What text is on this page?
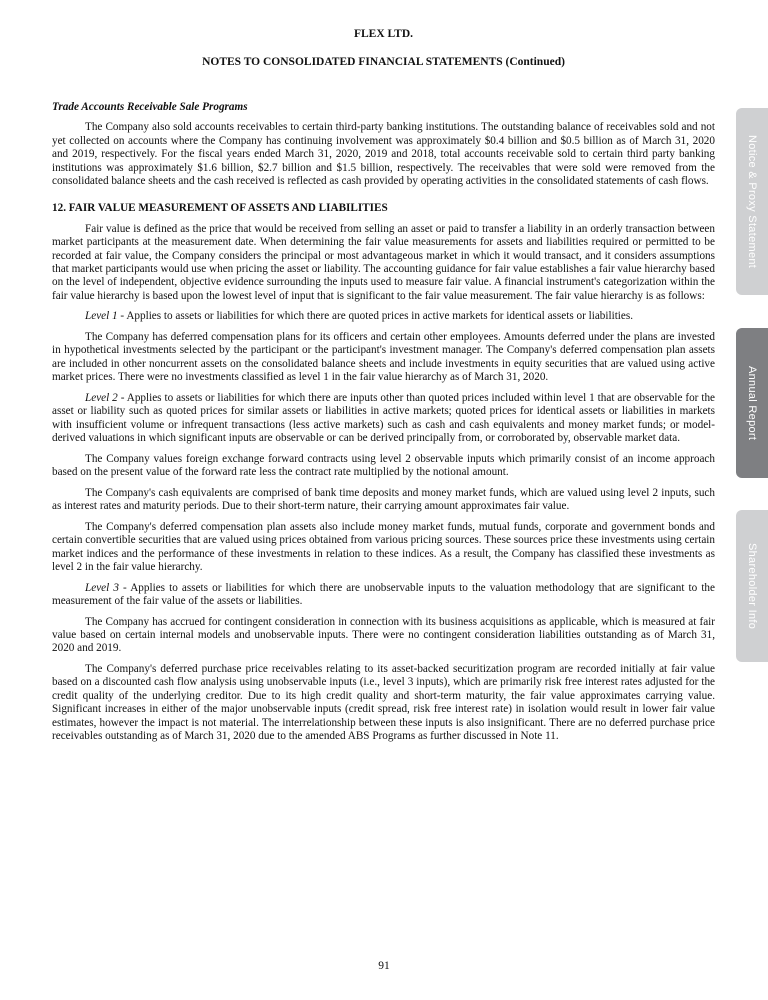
FLEX LTD.
NOTES TO CONSOLIDATED FINANCIAL STATEMENTS (Continued)

Trade Accounts Receivable Sale Programs

The Company also sold accounts receivables to certain third-party banking institutions. The outstanding balance of receivables sold and not yet collected on accounts where the Company has continuing involvement was approximately $0.4 billion and $0.5 billion as of March 31, 2020 and 2019, respectively. For the fiscal years ended March 31, 2020, 2019 and 2018, total accounts receivable sold to certain third party banking institutions was approximately $1.6 billion, $2.7 billion and $1.5 billion, respectively. The receivables that were sold were removed from the consolidated balance sheets and the cash received is reflected as cash provided by operating activities in the consolidated statements of cash flows.

12. FAIR VALUE MEASUREMENT OF ASSETS AND LIABILITIES

Fair value is defined as the price that would be received from selling an asset or paid to transfer a liability in an orderly transaction between market participants at the measurement date. When determining the fair value measurements for assets and liabilities required or permitted to be recorded at fair value, the Company considers the principal or most advantageous market in which it would transact, and it considers assumptions that market participants would use when pricing the asset or liability. The accounting guidance for fair value establishes a fair value hierarchy based on the level of independent, objective evidence surrounding the inputs used to measure fair value. A financial instrument's categorization within the fair value hierarchy is based upon the lowest level of input that is significant to the fair value measurement. The fair value hierarchy is as follows:

Level 1 - Applies to assets or liabilities for which there are quoted prices in active markets for identical assets or liabilities.

The Company has deferred compensation plans for its officers and certain other employees. Amounts deferred under the plans are invested in hypothetical investments selected by the participant or the participant's investment manager. The Company's deferred compensation plan assets are included in other noncurrent assets on the consolidated balance sheets and include investments in equity securities that are valued using active market prices. There were no investments classified as level 1 in the fair value hierarchy as of March 31, 2020.

Level 2 - Applies to assets or liabilities for which there are inputs other than quoted prices included within level 1 that are observable for the asset or liability such as quoted prices for similar assets or liabilities in active markets; quoted prices for identical assets or liabilities in markets with insufficient volume or infrequent transactions (less active markets) such as cash and cash equivalents and money market funds; or model-derived valuations in which significant inputs are observable or can be derived principally from, or corroborated by, observable market data.

The Company values foreign exchange forward contracts using level 2 observable inputs which primarily consist of an income approach based on the present value of the forward rate less the contract rate multiplied by the notional amount.

The Company's cash equivalents are comprised of bank time deposits and money market funds, which are valued using level 2 inputs, such as interest rates and maturity periods. Due to their short-term nature, their carrying amount approximates fair value.

The Company's deferred compensation plan assets also include money market funds, mutual funds, corporate and government bonds and certain convertible securities that are valued using prices obtained from various pricing sources. These sources price these investments using certain market indices and the performance of these investments in relation to these indices. As a result, the Company has classified these investments as level 2 in the fair value hierarchy.

Level 3 - Applies to assets or liabilities for which there are unobservable inputs to the valuation methodology that are significant to the measurement of the fair value of the assets or liabilities.

The Company has accrued for contingent consideration in connection with its business acquisitions as applicable, which is measured at fair value based on certain internal models and unobservable inputs. There were no contingent consideration liabilities outstanding as of March 31, 2020 and 2019.

The Company's deferred purchase price receivables relating to its asset-backed securitization program are recorded initially at fair value based on a discounted cash flow analysis using unobservable inputs (i.e., level 3 inputs), which are primarily risk free interest rates adjusted for the credit quality of the underlying creditor. Due to its high credit quality and short-term maturity, the fair value approximates carrying value. Significant increases in either of the major unobservable inputs (credit spread, risk free interest rate) in isolation would result in lower fair value estimates, however the impact is not material. The interrelationship between these inputs is also insignificant. There are no deferred purchase price receivables outstanding as of March 31, 2020 due to the amended ABS Programs as further discussed in Note 11.

Notice & Proxy Statement
Annual Report
Shareholder Info
91
